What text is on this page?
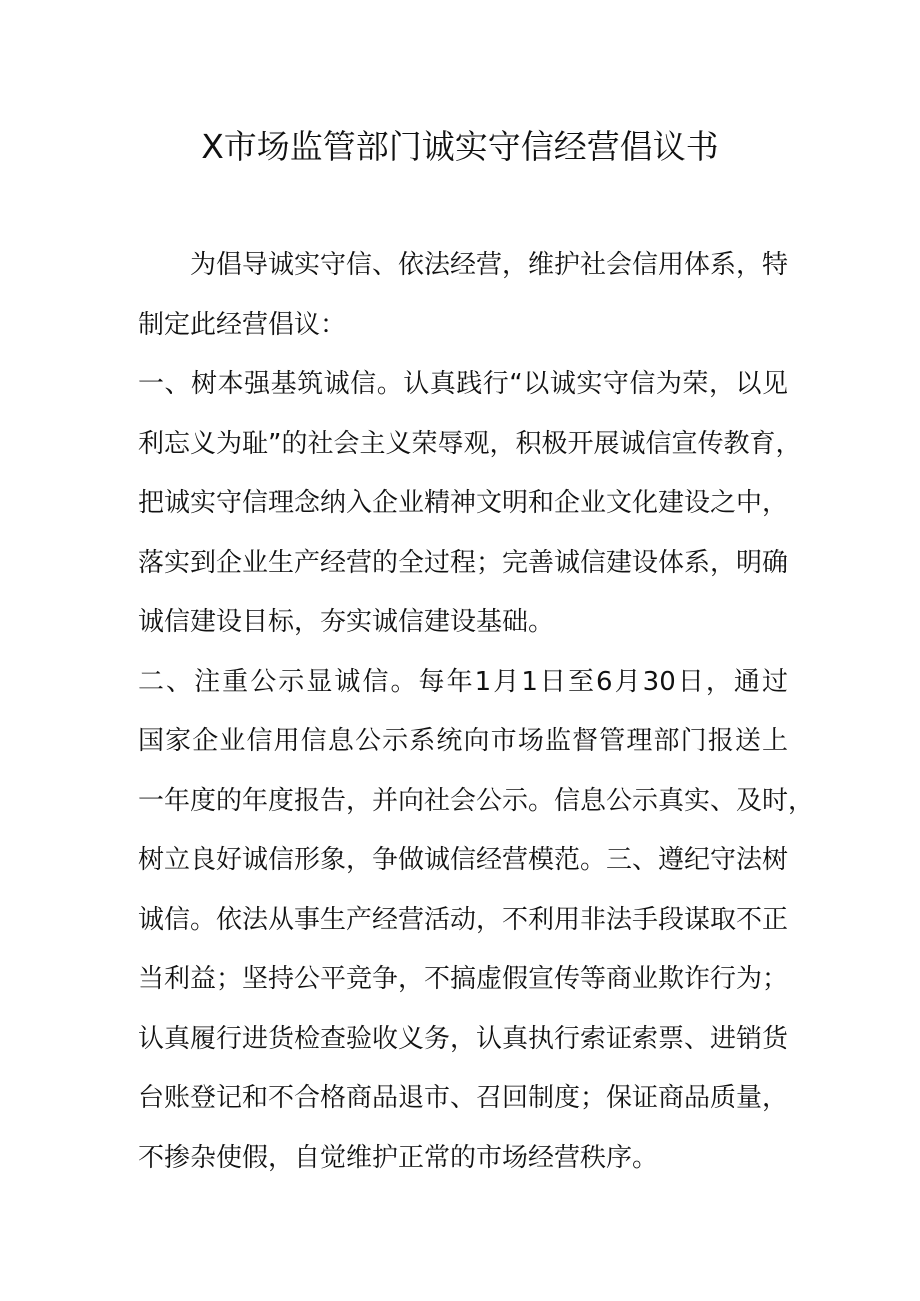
X市场监管部门诚实守信经营倡议书
为倡导诚实守信、依法经营，维护社会信用体系，特
制定此经营倡议：
一、树本强基筑诚信。认真践行“以诚实守信为荣，以见
利忘义为耻”的社会主义荣辱观，积极开展诚信宣传教育，
把诚实守信理念纳入企业精神文明和企业文化建设之中，
落实到企业生产经营的全过程；完善诚信建设体系，明确
诚信建设目标，夯实诚信建设基础。
二、注重公示显诚信。每年1月1日至6月30日，通过
国家企业信用信息公示系统向市场监督管理部门报送上
一年度的年度报告，并向社会公示。信息公示真实、及时，
树立良好诚信形象，争做诚信经营模范。三、遵纪守法树
诚信。依法从事生产经营活动，不利用非法手段谋取不正
当利益；坚持公平竞争，不搞虚假宣传等商业欺诈行为；
认真履行进货检查验收义务，认真执行索证索票、进销货
台账登记和不合格商品退市、召回制度；保证商品质量，
不掺杂使假，自觉维护正常的市场经营秩序。
